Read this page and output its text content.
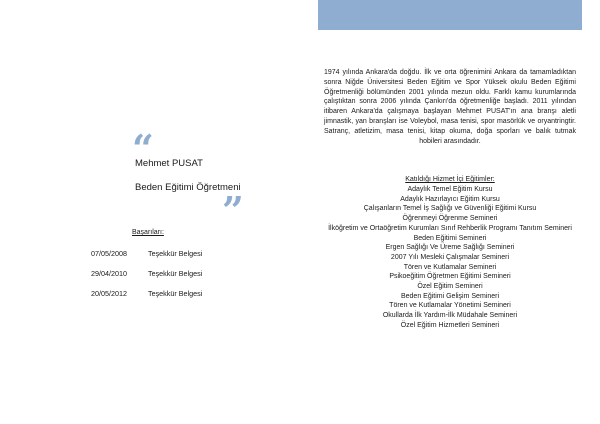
“
Mehmet PUSAT
Beden Eğitimi Öğretmeni
”
Başarıları:
07/05/2008	Teşekkür Belgesi
29/04/2010	Teşekkür Belgesi
20/05/2012	Teşekkür Belgesi

1974 yılında Ankara'da doğdu. İlk ve orta öğrenimini Ankara da tamamladıktan sonra Niğde Üniversitesi Beden Eğitim ve Spor Yüksek okulu Beden Eğitimi Öğretmenliği bölümünden 2001 yılında mezun oldu. Farklı kamu kurumlarında çalıştıktan sonra 2006 yılında Çankırı'da öğretmenliğe başladı. 2011 yılından itibaren Ankara'da çalışmaya başlayan Mehmet PUSAT'ın ana branşı aletli jimnastik, yan branşları ise Voleybol, masa tenisi, spor masörlük ve oryantringtir. Satranç, atletizim, masa tenisi, kitap okuma, doğa sporları ve balık tutmak hobileri arasındadır.

Katıldığı Hizmet İçi Eğitimler:
Adaylık Temel Eğitim Kursu
Adaylık Hazırlayıcı Eğitim Kursu
Çalışanların Temel İş Sağlığı ve Güvenliği Eğitimi Kursu
Öğrenmeyi Öğrenme Semineri
İlköğretim ve Ortaöğretim Kurumları Sınıf Rehberlik Programı Tanıtım Semineri
Beden Eğitimi Semineri
Ergen Sağlığı Ve Üreme Sağlığı Semineri
2007 Yılı Mesleki Çalışmalar Semineri
Tören ve Kutlamalar Semineri
Psikoeğitim Öğretmen Eğitimi Semineri
Özel Eğitim Semineri
Beden Eğitimi Gelişim Semineri
Tören ve Kutlamalar Yönetimi Semineri
Okullarda İlk Yardım-İlk Müdahale Semineri
Özel Eğitim Hizmetleri Semineri
